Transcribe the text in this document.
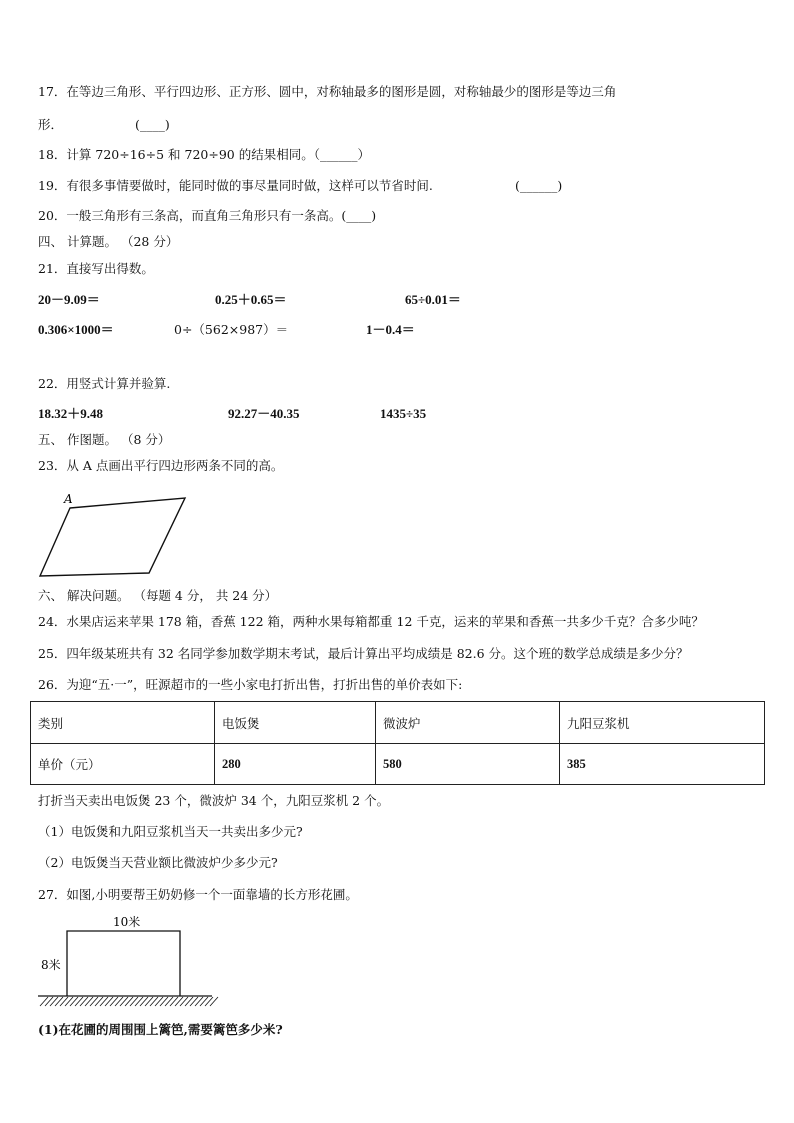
17．在等边三角形、平行四边形、正方形、圆中，对称轴最多的图形是圆，对称轴最少的图形是等边三角
形．	(____)
18．计算 720÷16÷5 和 720÷90 的结果相同。（______）
19．有很多事情要做时，能同时做的事尽量同时做，这样可以节省时间.	(______)
20．一般三角形有三条高，而直角三角形只有一条高。(____)
四、 计算题。 （28 分）
21．直接写出得数。
20－9.09＝	0.25＋0.65＝	65÷0.01＝
0.306×1000＝	0÷（562×987）＝	1－0.4＝
22．用竖式计算并验算.
18.32＋9.48	92.27－40.35	1435÷35
五、 作图题。 （8 分）
23．从 A 点画出平行四边形两条不同的高。
A
六、 解决问题。 （每题 4 分， 共 24 分）
24．水果店运来苹果 178 箱，香蕉 122 箱，两种水果每箱都重 12 千克，运来的苹果和香蕉一共多少千克？合多少吨？
25．四年级某班共有 32 名同学参加数学期末考试，最后计算出平均成绩是 82.6 分。这个班的数学总成绩是多少分？
26．为迎“五·一”，旺源超市的一些小家电打折出售，打折出售的单价表如下:
类别	电饭煲	微波炉	九阳豆浆机
单价（元）	280	580	385
打折当天卖出电饭煲 23 个，微波炉 34 个，九阳豆浆机 2 个。
（1）电饭煲和九阳豆浆机当天一共卖出多少元?
（2）电饭煲当天营业额比微波炉少多少元?
27．如图,小明要帮王奶奶修一个一面靠墙的长方形花圃。
10米
8米
(1)在花圃的周围围上篱笆,需要篱笆多少米?
